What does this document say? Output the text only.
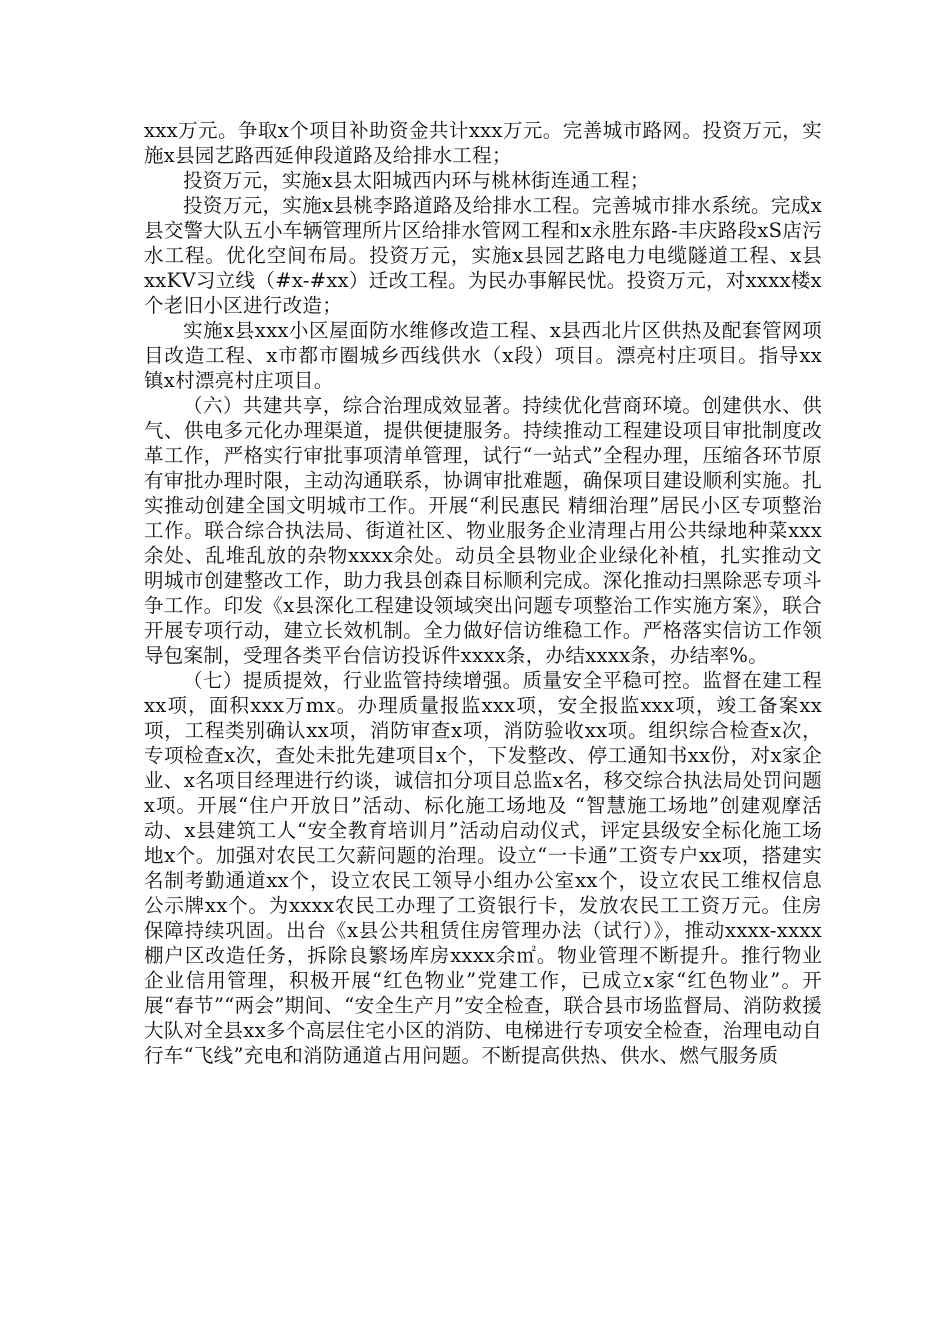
xxx万元。争取x个项目补助资金共计xxx万元。完善城市路网。投资万元，实施x县园艺路西延伸段道路及给排水工程；

投资万元，实施x县太阳城西内环与桃林街连通工程；

投资万元，实施x县桃李路道路及给排水工程。完善城市排水系统。完成x县交警大队五小车辆管理所片区给排水管网工程和x永胜东路-丰庆路段xS店污水工程。优化空间布局。投资万元，实施x县园艺路电力电缆隧道工程、x县xxKV习立线（#x-#xx）迁改工程。为民办事解民忧。投资万元，对xxxx楼x个老旧小区进行改造；

实施x县xxx小区屋面防水维修改造工程、x县西北片区供热及配套管网项目改造工程、x市都市圈城乡西线供水（x段）项目。漂亮村庄项目。指导xx镇x村漂亮村庄项目。

（六）共建共享，综合治理成效显著。持续优化营商环境。创建供水、供气、供电多元化办理渠道，提供便捷服务。持续推动工程建设项目审批制度改革工作，严格实行审批事项清单管理，试行“一站式”全程办理，压缩各环节原有审批办理时限，主动沟通联系，协调审批难题，确保项目建设顺利实施。扎实推动创建全国文明城市工作。开展“利民惠民 精细治理”居民小区专项整治工作。联合综合执法局、街道社区、物业服务企业清理占用公共绿地种菜xxx余处、乱堆乱放的杂物xxxx余处。动员全县物业企业绿化补植，扎实推动文明城市创建整改工作，助力我县创森目标顺利完成。深化推动扫黑除恶专项斗争工作。印发《x县深化工程建设领域突出问题专项整治工作实施方案》，联合开展专项行动，建立长效机制。全力做好信访维稳工作。严格落实信访工作领导包案制，受理各类平台信访投诉件xxxx条，办结xxxx条，办结率%。

（七）提质提效，行业监管持续增强。质量安全平稳可控。监督在建工程xx项，面积xxx万mx。办理质量报监xxx项，安全报监xxx项，竣工备案xx项，工程类别确认xx项，消防审查x项，消防验收xx项。组织综合检查x次，专项检查x次，查处未批先建项目x个，下发整改、停工通知书xx份，对x家企业、x名项目经理进行约谈，诚信扣分项目总监x名，移交综合执法局处罚问题x项。开展“住户开放日”活动、标化施工场地及 “智慧施工场地”创建观摩活动、x县建筑工人“安全教育培训月”活动启动仪式，评定县级安全标化施工场地x个。加强对农民工欠薪问题的治理。设立“一卡通”工资专户xx项，搭建实名制考勤通道xx个，设立农民工领导小组办公室xx个，设立农民工维权信息公示牌xx个。为xxxx农民工办理了工资银行卡，发放农民工工资万元。住房保障持续巩固。出台《x县公共租赁住房管理办法（试行）》，推动xxxx-xxxx棚户区改造任务，拆除良繁场库房xxxx余㎡。物业管理不断提升。推行物业企业信用管理，积极开展“红色物业”党建工作，已成立x家“红色物业”。开展“春节”“两会”期间、“安全生产月”安全检查，联合县市场监督局、消防救援大队对全县xx多个高层住宅小区的消防、电梯进行专项安全检查，治理电动自行车“飞线”充电和消防通道占用问题。不断提高供热、供水、燃气服务质
